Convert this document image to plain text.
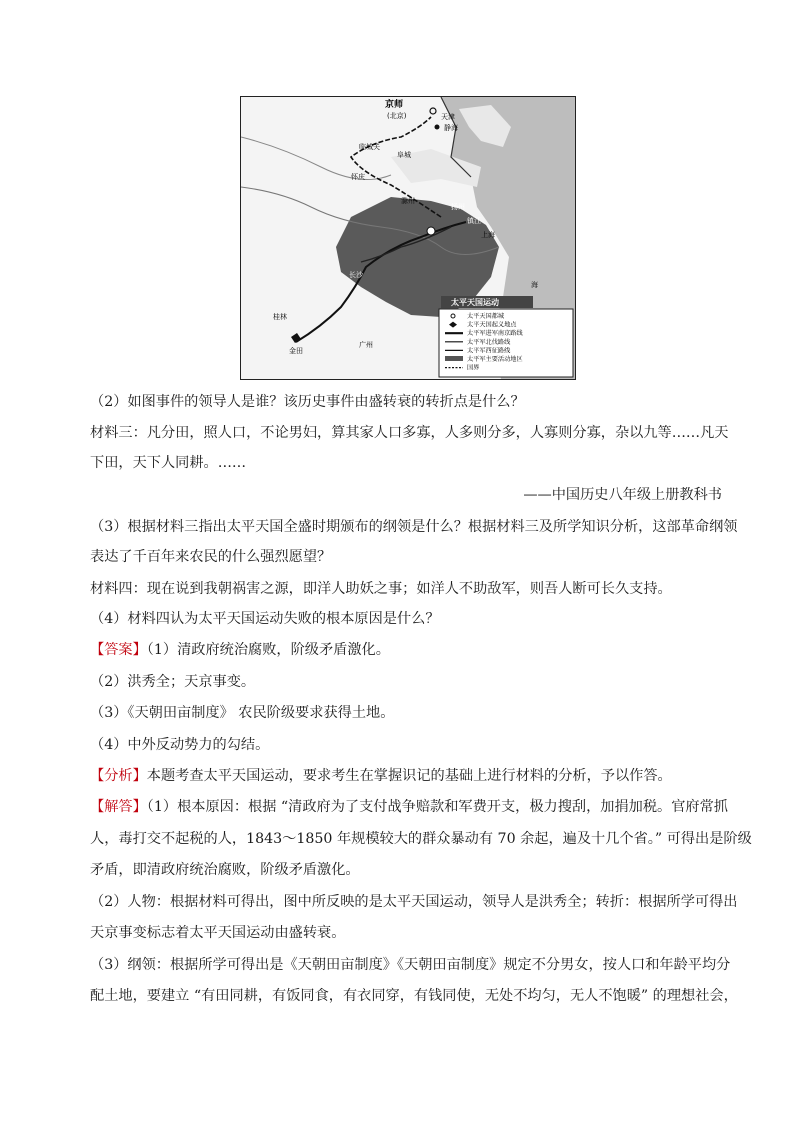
京师
(北京)	天津
静海
临城关
阜城
怀庆
滁州
扬州
长沙
桂林
金田
广州
镇江
上海
海
太平天国运动
太平天国都城
太平天国起义地点
太平军进军南京路线
太平军北伐路线
太平军西征路线
太平军主要活动地区
国界
（2）如图事件的领导人是谁？该历史事件由盛转衰的转折点是什么？
材料三：凡分田，照人口，不论男妇，算其家人口多寡，人多则分多，人寡则分寡，杂以九等……凡天
下田，天下人同耕。……
——中国历史八年级上册教科书
（3）根据材料三指出太平天国全盛时期颁布的纲领是什么？根据材料三及所学知识分析，这部革命纲领
表达了千百年来农民的什么强烈愿望？
材料四：现在说到我朝祸害之源，即洋人助妖之事；如洋人不助敌军，则吾人断可长久支持。
（4）材料四认为太平天国运动失败的根本原因是什么？
【答案】（1）清政府统治腐败，阶级矛盾激化。
（2）洪秀全；天京事变。
（3）《天朝田亩制度》 农民阶级要求获得土地。
（4）中外反动势力的勾结。
【分析】本题考查太平天国运动，要求考生在掌握识记的基础上进行材料的分析，予以作答。
【解答】（1）根本原因：根据 “清政府为了支付战争赔款和军费开支，极力搜刮，加捐加税。官府常抓
人，毒打交不起税的人，1843～1850 年规模较大的群众暴动有 70 余起，遍及十几个省。” 可得出是阶级
矛盾，即清政府统治腐败，阶级矛盾激化。
（2）人物：根据材料可得出，图中所反映的是太平天国运动，领导人是洪秀全；转折：根据所学可得出
天京事变标志着太平天国运动由盛转衰。
（3）纲领：根据所学可得出是《天朝田亩制度》《天朝田亩制度》规定不分男女，按人口和年龄平均分
配土地，要建立 “有田同耕，有饭同食，有衣同穿，有钱同使，无处不均匀，无人不饱暖” 的理想社会，
